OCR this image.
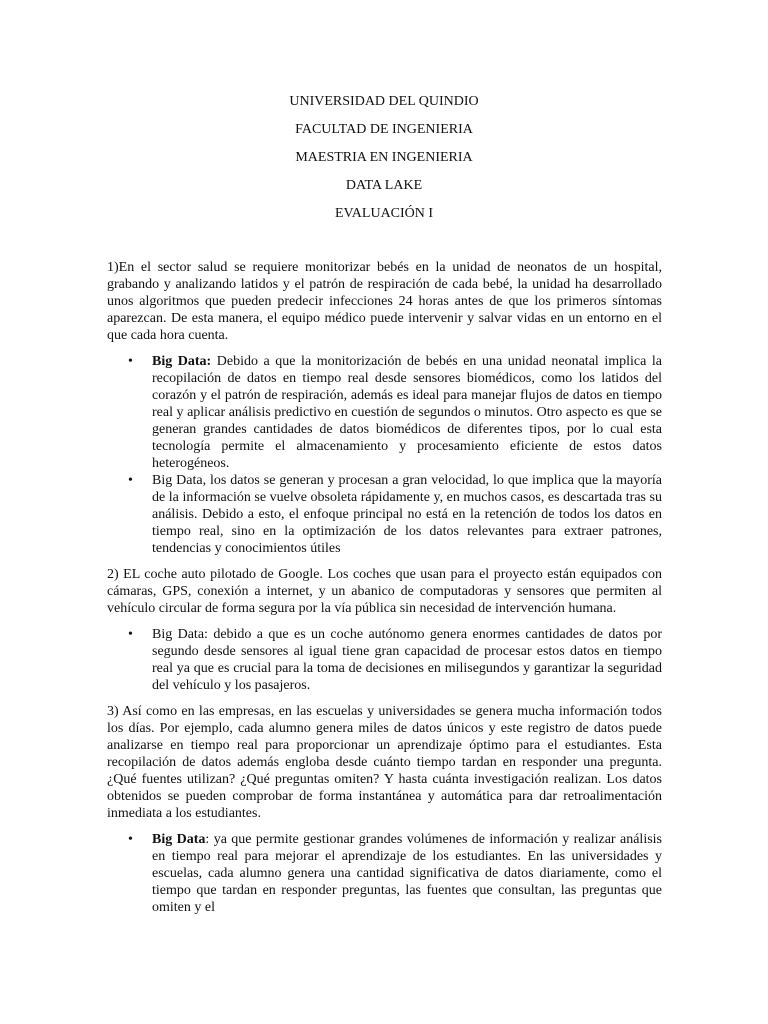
UNIVERSIDAD DEL QUINDIO
FACULTAD DE INGENIERIA
MAESTRIA EN INGENIERIA
DATA LAKE
EVALUACIÓN I

1)En el sector salud se requiere monitorizar bebés en la unidad de neonatos de un hospital, grabando y analizando latidos y el patrón de respiración de cada bebé, la unidad ha desarrollado unos algoritmos que pueden predecir infecciones 24 horas antes de que los primeros síntomas aparezcan. De esta manera, el equipo médico puede intervenir y salvar vidas en un entorno en el que cada hora cuenta.

• Big Data: Debido a que la monitorización de bebés en una unidad neonatal implica la recopilación de datos en tiempo real desde sensores biomédicos, como los latidos del corazón y el patrón de respiración, además es ideal para manejar flujos de datos en tiempo real y aplicar análisis predictivo en cuestión de segundos o minutos. Otro aspecto es que se generan grandes cantidades de datos biomédicos de diferentes tipos, por lo cual esta tecnología permite el almacenamiento y procesamiento eficiente de estos datos heterogéneos.
• Big Data, los datos se generan y procesan a gran velocidad, lo que implica que la mayoría de la información se vuelve obsoleta rápidamente y, en muchos casos, es descartada tras su análisis. Debido a esto, el enfoque principal no está en la retención de todos los datos en tiempo real, sino en la optimización de los datos relevantes para extraer patrones, tendencias y conocimientos útiles

2) EL coche auto pilotado de Google. Los coches que usan para el proyecto están equipados con cámaras, GPS, conexión a internet, y un abanico de computadoras y sensores que permiten al vehículo circular de forma segura por la vía pública sin necesidad de intervención humana.

• Big Data: debido a que es un coche autónomo genera enormes cantidades de datos por segundo desde sensores al igual tiene gran capacidad de procesar estos datos en tiempo real ya que es crucial para la toma de decisiones en milisegundos y garantizar la seguridad del vehículo y los pasajeros.

3) Así como en las empresas, en las escuelas y universidades se genera mucha información todos los días. Por ejemplo, cada alumno genera miles de datos únicos y este registro de datos puede analizarse en tiempo real para proporcionar un aprendizaje óptimo para el estudiantes. Esta recopilación de datos además engloba desde cuánto tiempo tardan en responder una pregunta. ¿Qué fuentes utilizan? ¿Qué preguntas omiten? Y hasta cuánta investigación realizan. Los datos obtenidos se pueden comprobar de forma instantánea y automática para dar retroalimentación inmediata a los estudiantes.

• Big Data: ya que permite gestionar grandes volúmenes de información y realizar análisis en tiempo real para mejorar el aprendizaje de los estudiantes. En las universidades y escuelas, cada alumno genera una cantidad significativa de datos diariamente, como el tiempo que tardan en responder preguntas, las fuentes que consultan, las preguntas que omiten y el
